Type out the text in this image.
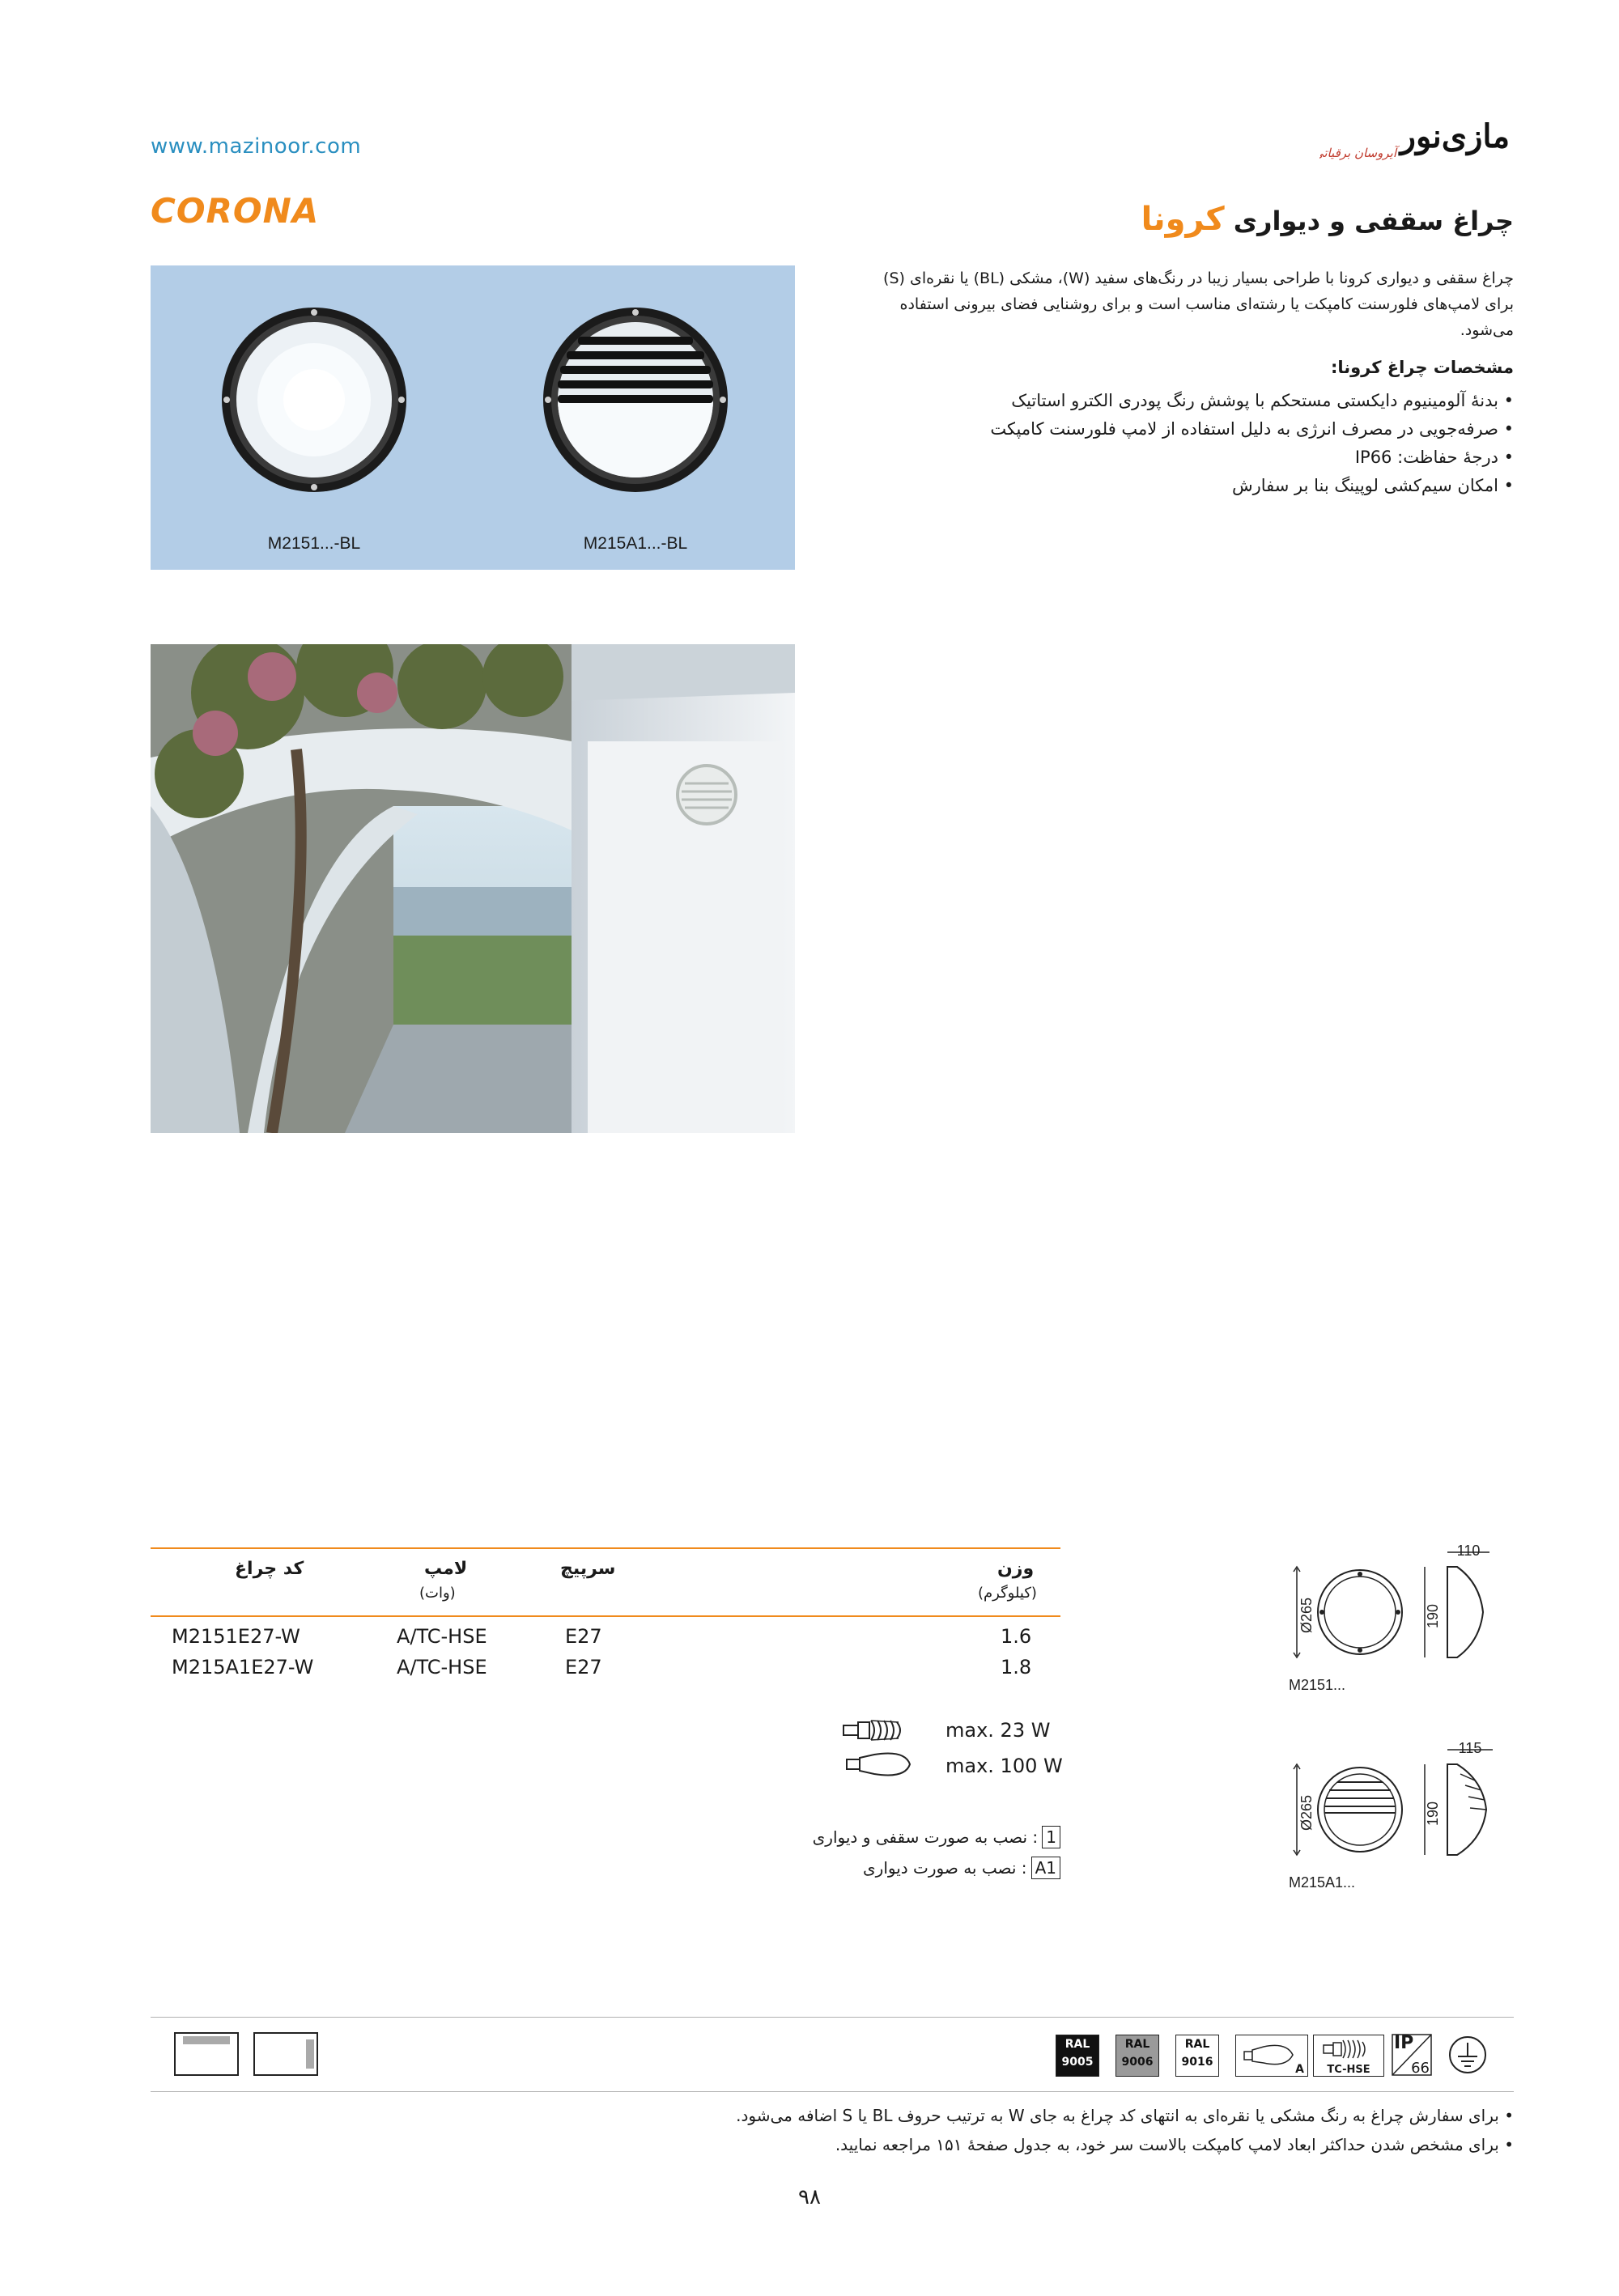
www.mazinoor.com	مازی‌نور
آیروسان برقیاتی
CORONA	چراغ سقفی و دیواری کرونا
چراغ سقفی و دیواری کرونا با طراحی بسیار زیبا در رنگ‌های سفید (W)، مشکی (BL) یا نقره‌ای (S) برای لامپ‌های فلورسنت کامپکت یا رشته‌ای مناسب است و برای روشنایی فضای بیرونی استفاده می‌شود.
مشخصات چراغ کرونا:
• بدنهٔ آلومینیوم دایکستی مستحکم با پوشش رنگ پودری الکترو استاتیک
• صرفه‌جویی در مصرف انرژی به دلیل استفاده از لامپ فلورسنت کامپکت
• درجهٔ حفاظت: IP66
• امکان سیم‌کشی لوپینگ بنا بر سفارش
M2151...-BL	M215A1...-BL
کد چراغ	لامپ
(وات)
سرپیچ	وزن
(کیلوگرم)
M2151E27-W	A/TC-HSE	E27	1.6
M215A1E27-W	A/TC-HSE	E27	1.8
max. 23 W
max. 100 W
1 : نصب به صورت سقفی و دیواری
A1 : نصب به صورت دیواری
Ø265	190
110
M2151...
Ø265	190
115
M215A1...
RAL
9005
RAL
9006
RAL
9016
A	TC-HSE
IP
66
• برای سفارش چراغ به رنگ مشکی یا نقره‌ای به انتهای کد چراغ به جای W به ترتیب حروف BL یا S اضافه می‌شود.
• برای مشخص شدن حداکثر ابعاد لامپ کامپکت بالاست سر خود، به جدول صفحهٔ ۱۵۱ مراجعه نمایید.
۹۸
